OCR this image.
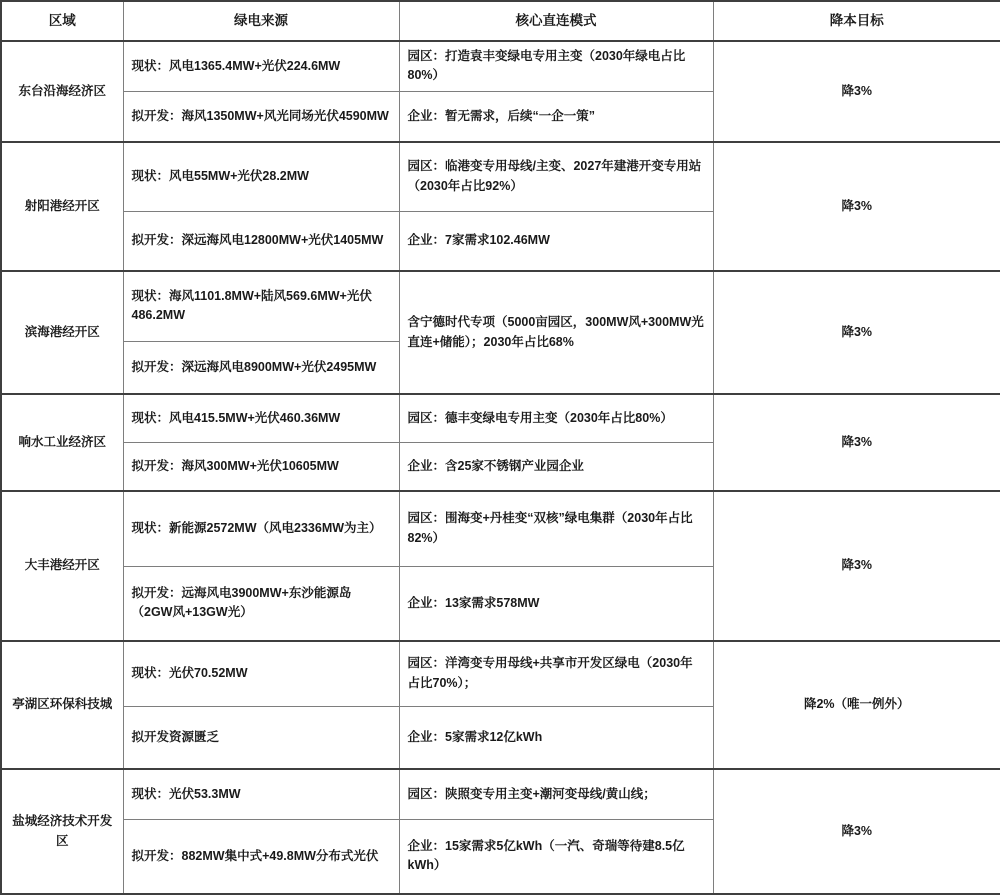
区域	绿电来源	核心直连模式	降本目标
东台沿海经济区	现状：风电1365.4MW+光伏224.6MW	园区：打造袁丰变绿电专用主变（2030年绿电占比80%）	降3%
	拟开发：海风1350MW+风光同场光伏4590MW	企业：暂无需求，后续“一企一策”	
射阳港经开区	现状：风电55MW+光伏28.2MW	园区：临港变专用母线/主变、2027年建港开变专用站（2030年占比92%）	降3%
	拟开发：深远海风电12800MW+光伏1405MW	企业：7家需求102.46MW	
滨海港经开区	现状：海风1101.8MW+陆风569.6MW+光伏486.2MW	含宁德时代专项（5000亩园区，300MW风+300MW光直连+储能）；2030年占比68%	降3%
	拟开发：深远海风电8900MW+光伏2495MW		
响水工业经济区	现状：风电415.5MW+光伏460.36MW	园区：德丰变绿电专用主变（2030年占比80%）	降3%
	拟开发：海风300MW+光伏10605MW	企业：含25家不锈钢产业园企业	
大丰港经开区	现状：新能源2572MW（风电2336MW为主）	园区：围海变+丹桂变“双核”绿电集群（2030年占比82%）	降3%
	拟开发：远海风电3900MW+东沙能源岛（2GW风+13GW光）	企业：13家需求578MW	
亭湖区环保科技城	现状：光伏70.52MW	园区：洋湾变专用母线+共享市开发区绿电（2030年占比70%）；	降2%（唯一例外）
	拟开发资源匮乏	企业：5家需求12亿kWh	
盐城经济技术开发区	现状：光伏53.3MW	园区：陕照变专用主变+潮河变母线/黄山线；	降3%
	拟开发：882MW集中式+49.8MW分布式光伏	企业：15家需求5亿kWh（一汽、奇瑞等待建8.5亿kWh）	
